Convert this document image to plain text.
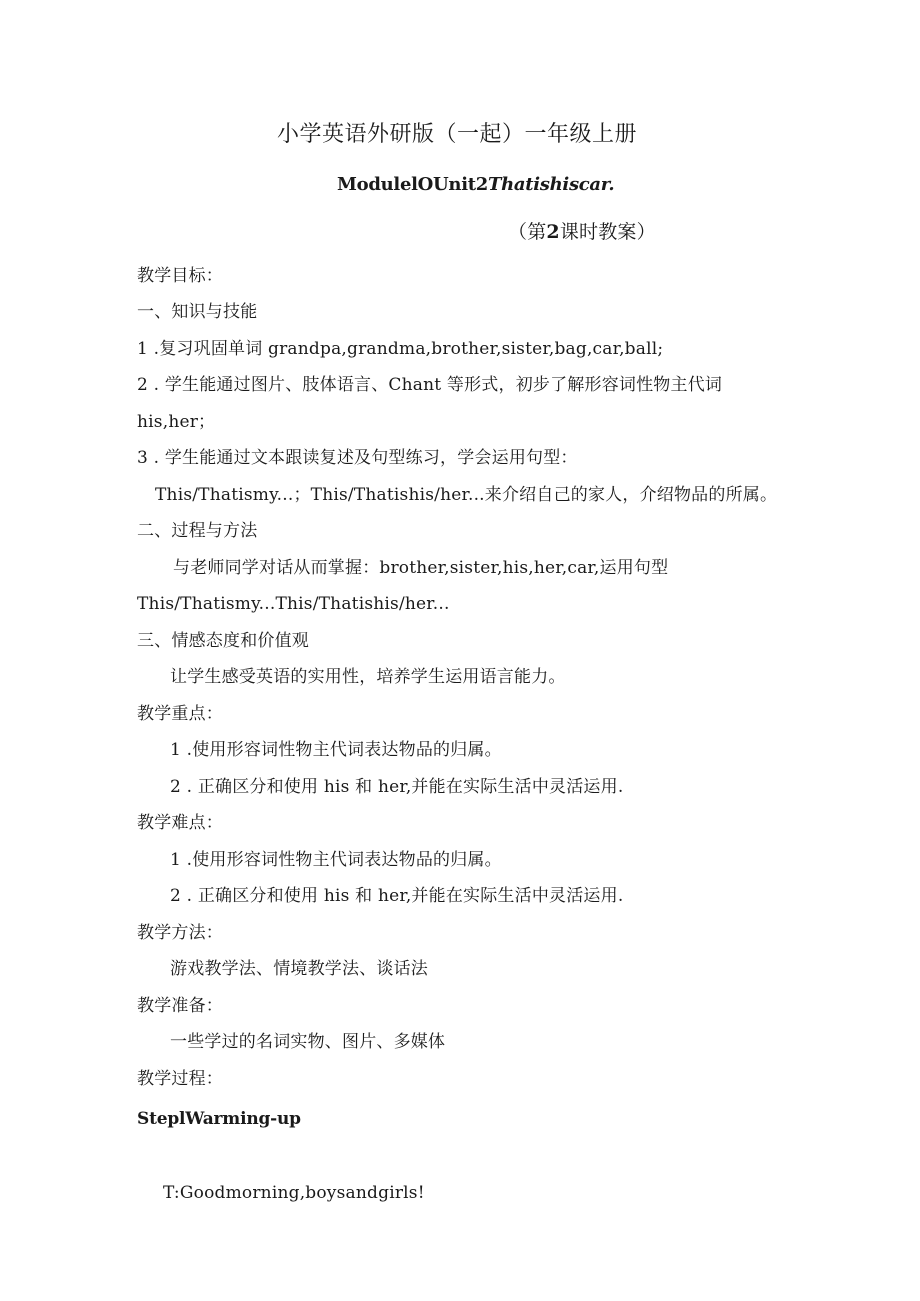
小学英语外研版（一起）一年级上册
ModulelOUnit2Thatishiscar.
（第2课时教案）
教学目标：
一、知识与技能
1 .复习巩固单词 grandpa,grandma,brother,sister,bag,car,ball;
2 . 学生能通过图片、肢体语言、Chant 等形式，初步了解形容词性物主代词
his,her；
3 . 学生能通过文本跟读复述及句型练习，学会运用句型：
This/Thatismy...；This/Thatishis/her...来介绍自己的家人，介绍物品的所属。
二、过程与方法
与老师同学对话从而掌握：brother,sister,his,her,car,运用句型
This/Thatismy...This/Thatishis/her...
三、情感态度和价值观
让学生感受英语的实用性，培养学生运用语言能力。
教学重点：
1 .使用形容词性物主代词表达物品的归属。
2 . 正确区分和使用 his 和 her,并能在实际生活中灵活运用.
教学难点：
1 .使用形容词性物主代词表达物品的归属。
2 . 正确区分和使用 his 和 her,并能在实际生活中灵活运用.
教学方法：
游戏教学法、情境教学法、谈话法
教学准备：
一些学过的名词实物、图片、多媒体
教学过程：
SteplWarming-up
T:Goodmorning,boysandgirls!
